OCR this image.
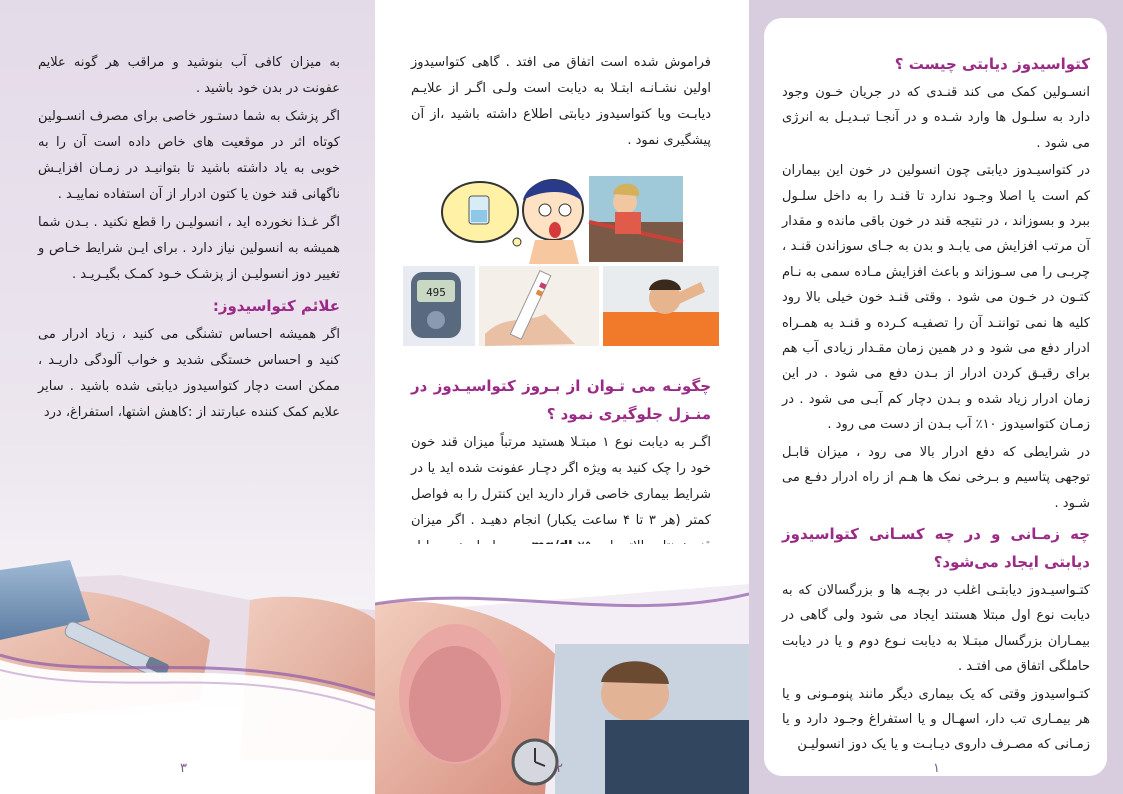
به میزان کافی آب بنوشید و مراقب هر گونه علایم عفونت در بدن خود باشید .

اگر پزشک به شما دستـور خاصی برای مصرف انسـولین کوتاه اثر در موقعیت های خاص داده است آن را به خوبی به یاد داشته باشید تا بتوانیـد در زمـان افزایـش ناگهانی قند خون یا کتون ادرار از آن استفاده نماییـد .

اگر غـذا نخورده اید ، انسولیـن را قطع نکنید . بـدن شما همیشه به انسولین نیاز دارد . برای ایـن شرایط خـاص و تغییر دوز انسولیـن از پزشـک خـود کمـک بگیـریـد .

علائم کتواسیدوز:

اگر همیشه احساس تشنگی می کنید ، زیاد ادرار می کنید و احساس خستگی شدید و خواب آلودگی داریـد ، ممکن است دچار کتواسیدوز دیابتی شده باشید . سایر علایم کمک کننده عبارتند از :کاهش اشتها، استفراغ، درد

۳

فراموش شده است اتفاق می افتد . گاهی کتواسیدوز اولین نشـانـه ابتـلا به دیابت است ولـی اگـر از علایـم دیابـت ویا کتواسیدوز دیابتی اطلاع داشته باشید ،از آن پیشگیری نمود .

495
چگونـه می تـوان از بـروز کتواسیـدوز در منـزل جلوگیری نمود ؟

اگـر به دیابت نوع ۱ مبتـلا هستید مرتباً میزان قند خون خود را چک کنید به ویژه اگر دچـار عفونت شده اید یا در شرایط بیماری خاصی قرار دارید این کنترل را به فواصل کمتر (هر ۳ تا ۴ ساعت یکبار) انجام دهیـد . اگر میزان

۲
کتواسیدوز دیابتی چیست ؟

انسـولین کمک می کند قنـدی که در جریان خـون وجود دارد به سلـول ها وارد شـده و در آنجـا تبـدیـل به انرژی می شود .

در کتواسیـدوز دیابتی چون انسولین در خون این بیماران کم است یا اصلا وجـود ندارد تا قنـد را به داخل سلـول ببرد و بسوزاند ، در نتیجه قند در خون باقی مانده و مقدار آن مرتب افزایش می یابـد و بدن به جـای سوزاندن قنـد ، چربـی را می سـوزاند و باعث افزایش مـاده سمی به نـام کتـون در خـون می شود . وقتی قنـد خون خیلی بالا رود کلیه ها نمی تواننـد آن را تصفیـه کـرده و قنـد به همـراه ادرار دفع می شود و در همین زمان مقـدار زیادی آب هم برای رقیـق کردن ادرار از بـدن دفع می شود . در این زمان ادرار زیاد شده و بـدن دچار کم آبـی می شود . در زمـان کتواسیدوز ۱۰٪ آب بـدن از دست می رود .

در شرایطی که دفع ادرار بالا می رود ، میزان قابـل توجهی پتاسیم و بـرخی نمک ها هـم از راه ادرار دفـع می شـود .

چه زمـانی و در چه کسـانی کتواسیدوز دیابتی ایجاد می‌شود؟

کتـواسیـدوز دیابتـی اغلب در بچـه ها و بزرگسالان که به دیابت نوع اول مبتلا هستند ایجاد می شود ولی گاهی در بیمـاران بزرگسال مبتـلا به دیابت نـوع دوم و یا در دیابت حاملگی اتفاق می افتـد .

کتـواسیدوز وقتی که یک بیماری دیگر مانند پنومـونی و یا هر بیمـاری تب دار، اسهـال و یا استفراغ وجـود دارد و یا زمـانی که مصـرف داروی دیـابـت و یا یک دوز انسولیـن

۱
